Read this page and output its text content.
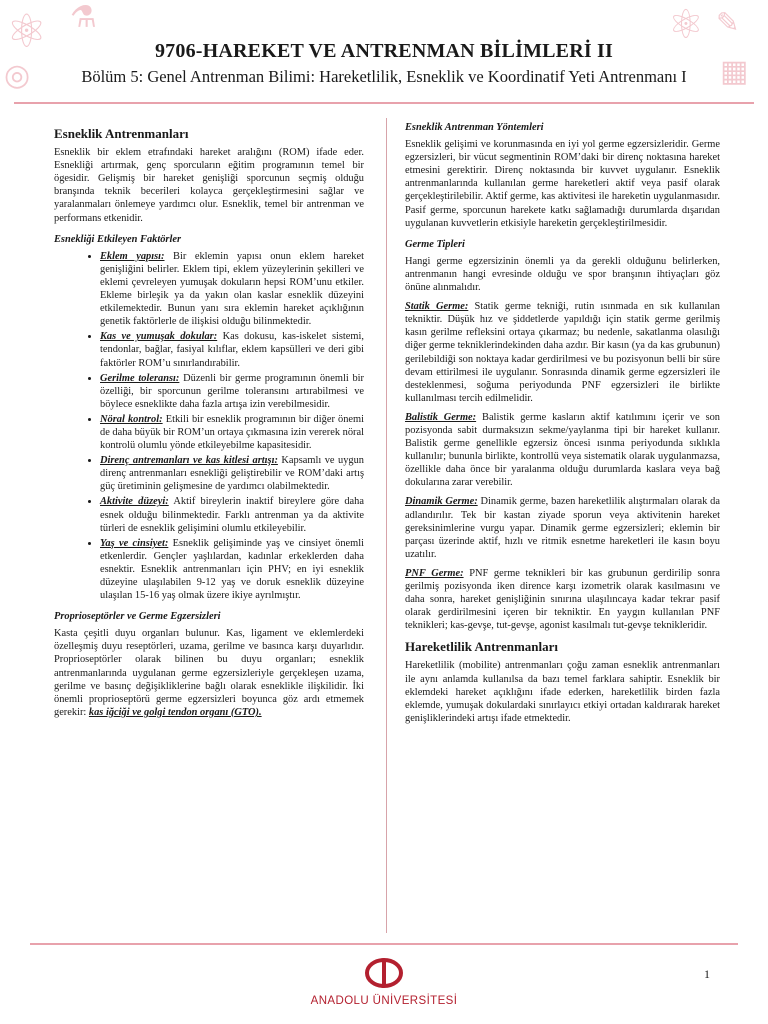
⚛ ⚗
◎
⚛
▦
✎
9706-HAREKET VE ANTRENMAN BİLİMLERİ II
Bölüm 5: Genel Antrenman Bilimi: Hareketlilik, Esneklik ve Koordinatif Yeti Antrenmanı I
Esneklik Antrenmanları

Esneklik bir eklem etrafındaki hareket aralığını (ROM) ifade eder. Esnekliği artırmak, genç sporcuların eğitim programının temel bir ögesidir. Gelişmiş bir hareket genişliği sporcunun seçmiş olduğu branşında teknik becerileri kolayca gerçekleştirmesini sağlar ve yaralanmaları önlemeye yardımcı olur. Esneklik, temel bir antrenman ve performans etkenidir.

Esnekliği Etkileyen Faktörler
• Eklem yapısı: Bir eklemin yapısı onun eklem hareket genişliğini belirler. Eklem tipi, eklem yüzeylerinin şekilleri ve eklemi çevreleyen yumuşak dokuların hepsi ROM’unu etkiler. Ekleme birleşik ya da yakın olan kaslar esneklik düzeyini etkilemektedir. Bunun yanı sıra eklemin hareket açıklığının genetik faktörlerle de ilişkisi olduğu bilinmektedir.
• Kas ve yumuşak dokular: Kas dokusu, kas-iskelet sistemi, tendonlar, bağlar, fasiyal kılıflar, eklem kapsülleri ve deri gibi faktörler ROM’u sınırlandırabilir.
• Gerilme toleransı: Düzenli bir germe programının önemli bir özelliği, bir sporcunun gerilme toleransını artırabilmesi ve böylece esneklikte daha fazla artışa izin verebilmesidir.
• Nöral kontrol: Etkili bir esneklik programının bir diğer önemi de daha büyük bir ROM’un ortaya çıkmasına izin vererek nöral kontrolü olumlu yönde etkileyebilme kapasitesidir.
• Direnç antremanları ve kas kitlesi artışı: Kapsamlı ve uygun direnç antrenmanları esnekliği geliştirebilir ve ROM’daki artış güç üretiminin gelişmesine de yardımcı olabilmektedir.
• Aktivite düzeyi: Aktif bireylerin inaktif bireylere göre daha esnek olduğu bilinmektedir. Farklı antrenman ya da aktivite türleri de esneklik gelişimini olumlu etkileyebilir.
• Yaş ve cinsiyet: Esneklik gelişiminde yaş ve cinsiyet önemli etkenlerdir. Gençler yaşlılardan, kadınlar erkeklerden daha esnektir. Esneklik antrenmanları için PHV; en iyi esneklik düzeyine ulaşılabilen 9-12 yaş ve doruk esneklik düzeyine ulaşılan 15-16 yaş olmak üzere ikiye ayrılmıştır.
Proprioseptörler ve Germe Egzersizleri

Kasta çeşitli duyu organları bulunur. Kas, ligament ve eklemlerdeki özelleşmiş duyu reseptörleri, uzama, gerilme ve basınca karşı duyarlıdır. Proprioseptörler olarak bilinen bu duyu organları; esneklik antrenmanlarında uygulanan germe egzersizleriyle gerçekleşen uzama, gerilme ve basınç değişikliklerine bağlı olarak esneklikle ilişkilidir. İki önemli proprioseptörü germe egzersizleri boyunca göz ardı etmemek gerekir: kas iğciği ve golgi tendon organı (GTO).

Esneklik Antrenman Yöntemleri

Esneklik gelişimi ve korunmasında en iyi yol germe egzersizleridir. Germe egzersizleri, bir vücut segmentinin ROM’daki bir direnç noktasına hareket etmesini gerektirir. Direnç noktasında bir kuvvet uygulanır. Esneklik antrenmanlarında kullanılan germe hareketleri aktif veya pasif olarak gerçekleştirilebilir. Aktif germe, kas aktivitesi ile hareketin uygulanmasıdır. Pasif germe, sporcunun harekete katkı sağlamadığı durumlarda dışarıdan uygulanan kuvvetlerin etkisiyle hareketin gerçekleştirilmesidir.

Germe Tipleri

Hangi germe egzersizinin önemli ya da gerekli olduğunu belirlerken, antrenmanın hangi evresinde olduğu ve spor branşının ihtiyaçları göz önüne alınmalıdır.

Statik Germe: Statik germe tekniği, rutin ısınmada en sık kullanılan tekniktir. Düşük hız ve şiddetlerde yapıldığı için statik germe gerilmiş kasın gerilme refleksini ortaya çıkarmaz; bu nedenle, sakatlanma olasılığı diğer germe tekniklerindekinden daha azdır. Bir kasın (ya da kas grubunun) gerilebildiği son noktaya kadar gerdirilmesi ve bu pozisyonun belli bir süre devam ettirilmesi ile uygulanır. Sonrasında dinamik germe egzersizleri ile desteklenmesi, soğuma periyodunda PNF egzersizleri ile birlikte kullanılması tercih edilmelidir.

Balistik Germe: Balistik germe kasların aktif katılımını içerir ve son pozisyonda sabit durmaksızın sekme/yaylanma tipi bir hareket kullanır. Balistik germe genellikle egzersiz öncesi ısınma periyodunda sıklıkla kullanılır; bununla birlikte, kontrollü veya sistematik olarak uygulanmazsa, özellikle daha önce bir yaralanma olduğu durumlarda kaslara veya bağ dokularına zarar verebilir.

Dinamik Germe: Dinamik germe, bazen hareketlilik alıştırmaları olarak da adlandırılır. Tek bir kastan ziyade sporun veya aktivitenin hareket gereksinimlerine vurgu yapar. Dinamik germe egzersizleri; eklemin bir parçası üzerinde aktif, hızlı ve ritmik esnetme hareketleri ile kasın boyu uzatılır.

PNF Germe: PNF germe teknikleri bir kas grubunun gerdirilip sonra gerilmiş pozisyonda iken dirence karşı izometrik olarak kasılmasını ve daha sonra, hareket genişliğinin sınırına ulaşılıncaya kadar tekrar pasif olarak gerdirilmesini içeren bir tekniktir. En yaygın kullanılan PNF teknikleri; kas-gevşe, tut-gevşe, agonist kasılmalı tut-gevşe teknikleridir.

Hareketlilik Antrenmanları

Hareketlilik (mobilite) antrenmanları çoğu zaman esneklik antrenmanları ile aynı anlamda kullanılsa da bazı temel farklara sahiptir. Esneklik bir eklemdeki hareket açıklığını ifade ederken, hareketlilik birden fazla eklemde, yumuşak dokulardaki sınırlayıcı etkiyi ortadan kaldırarak hareket genişliklerindeki artışı ifade etmektedir.

ANADOLU ÜNİVERSİTESİ
1
